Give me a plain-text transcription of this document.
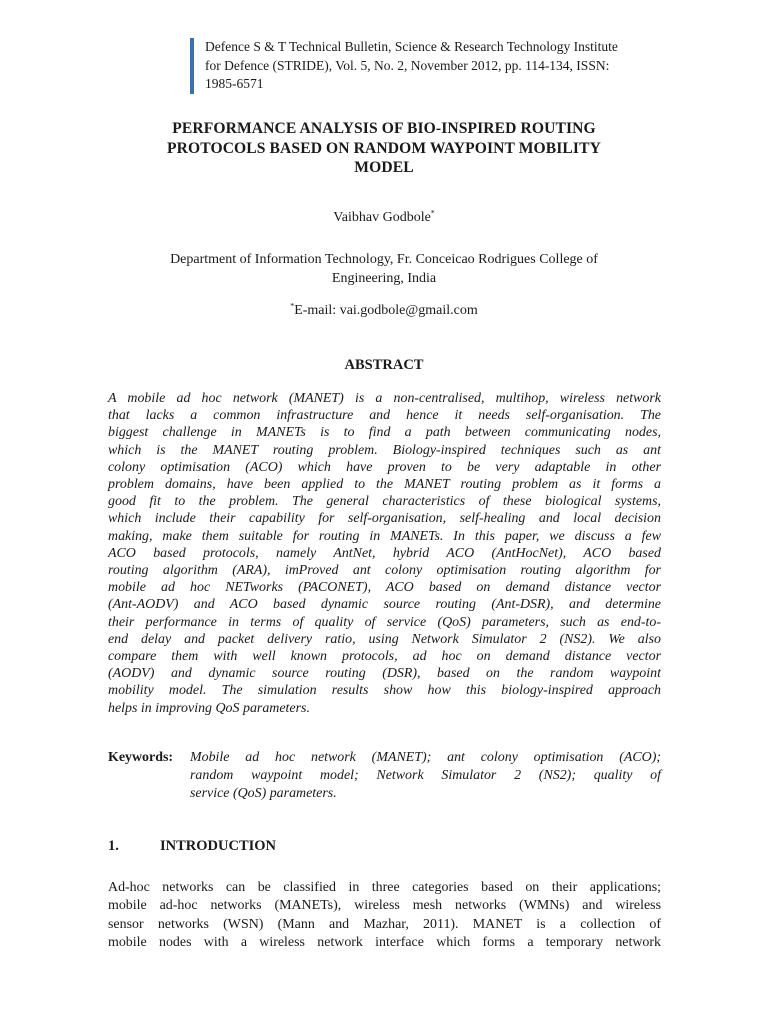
Defence S & T Technical Bulletin, Science & Research Technology Institute
for Defence (STRIDE), Vol. 5, No. 2, November 2012, pp. 114-134, ISSN:
1985-6571
PERFORMANCE ANALYSIS OF BIO-INSPIRED ROUTING
PROTOCOLS BASED ON RANDOM WAYPOINT MOBILITY
MODEL
Vaibhav Godbole*
Department of Information Technology, Fr. Conceicao Rodrigues College of
Engineering, India
*E-mail: vai.godbole@gmail.com
ABSTRACT
A mobile ad hoc network (MANET) is a non-centralised, multihop, wireless network
that lacks a common infrastructure and hence it needs self-organisation. The
biggest challenge in MANETs is to find a path between communicating nodes,
which is the MANET routing problem. Biology-inspired techniques such as ant
colony optimisation (ACO) which have proven to be very adaptable in other
problem domains, have been applied to the MANET routing problem as it forms a
good fit to the problem. The general characteristics of these biological systems,
which include their capability for self-organisation, self-healing and local decision
making, make them suitable for routing in MANETs. In this paper, we discuss a few
ACO based protocols, namely AntNet, hybrid ACO (AntHocNet), ACO based
routing algorithm (ARA), imProved ant colony optimisation routing algorithm for
mobile ad hoc NETworks (PACONET), ACO based on demand distance vector
(Ant-AODV) and ACO based dynamic source routing (Ant-DSR), and determine
their performance in terms of quality of service (QoS) parameters, such as end-to-
end delay and packet delivery ratio, using Network Simulator 2 (NS2). We also
compare them with well known protocols, ad hoc on demand distance vector
(AODV) and dynamic source routing (DSR), based on the random waypoint
mobility model. The simulation results show how this biology-inspired approach
helps in improving QoS parameters.
Keywords: Mobile ad hoc network (MANET); ant colony optimisation (ACO);
random waypoint model; Network Simulator 2 (NS2); quality of
service (QoS) parameters.
1.	INTRODUCTION
Ad-hoc networks can be classified in three categories based on their applications;
mobile ad-hoc networks (MANETs), wireless mesh networks (WMNs) and wireless
sensor networks (WSN) (Mann and Mazhar, 2011). MANET is a collection of
mobile nodes with a wireless network interface which forms a temporary network
